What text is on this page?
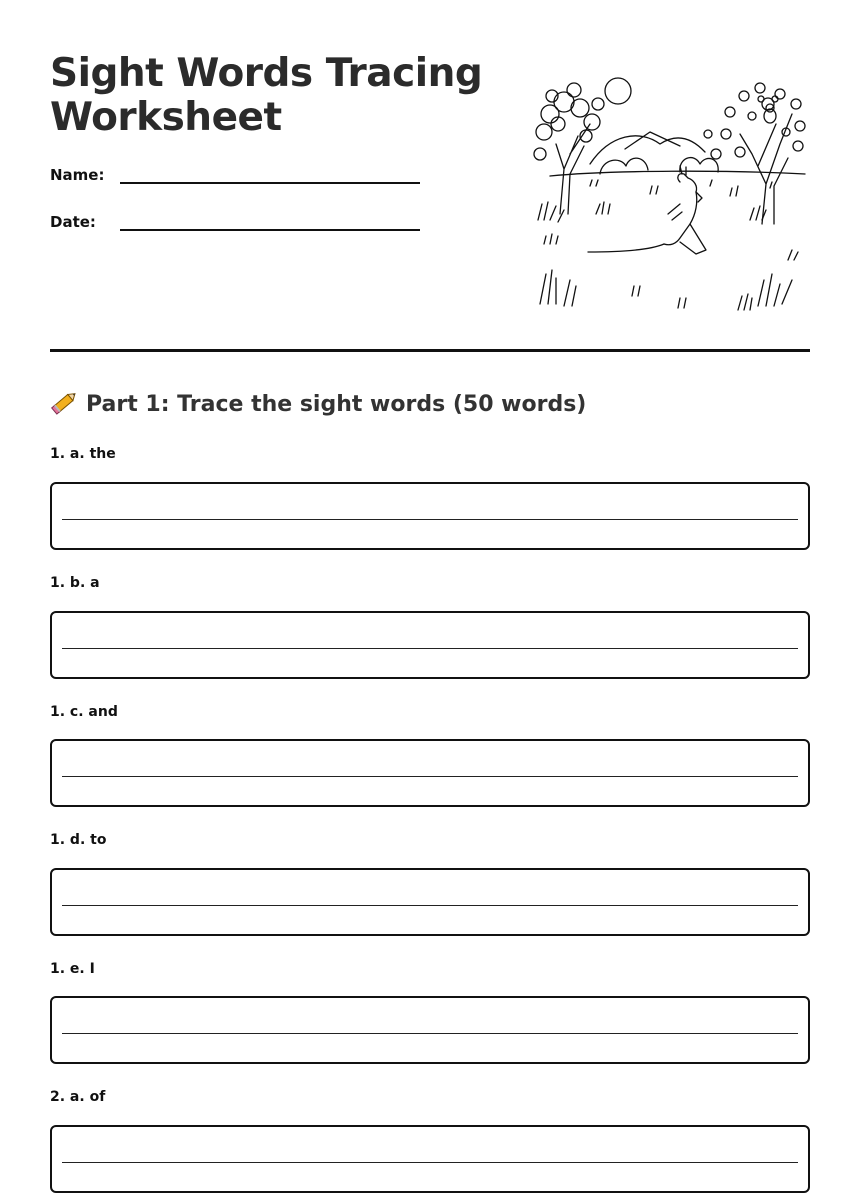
Sight Words Tracing
Worksheet
Name:
Date:
Part 1: Trace the sight words (50 words)
1. a. the
1. b. a
1. c. and
1. d. to
1. e. I
2. a. of
